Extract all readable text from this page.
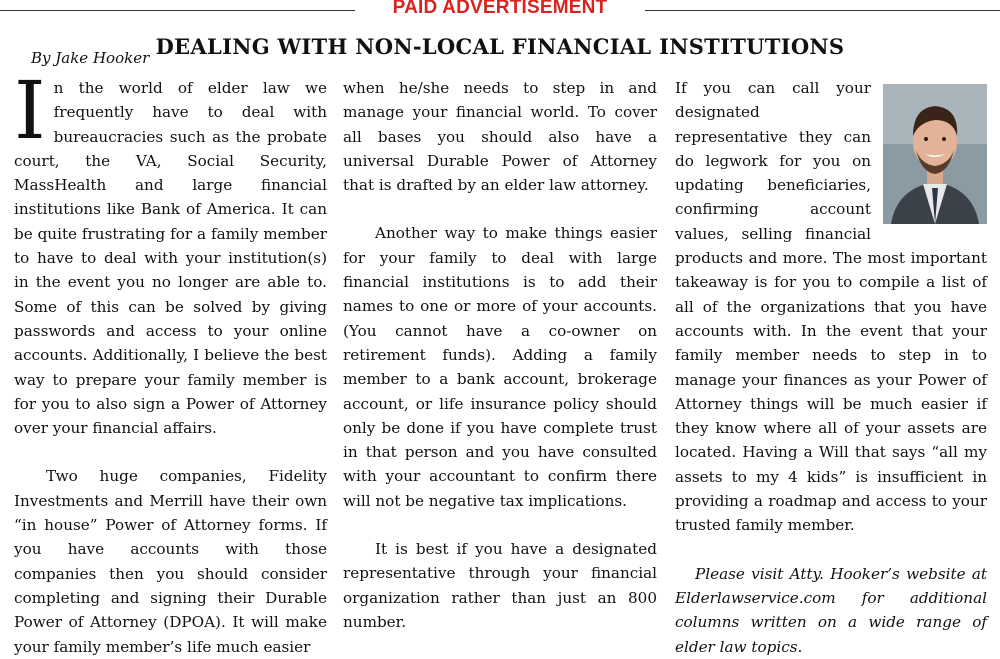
PAID ADVERTISEMENT
DEALING WITH NON-LOCAL FINANCIAL INSTITUTIONS
By Jake Hooker

In the world of elder law we frequently have to deal with bureaucracies such as the probate court, the VA, Social Security, MassHealth and large financial institutions like Bank of America. It can be quite frustrating for a family member to have to deal with your institution(s) in the event you no longer are able to. Some of this can be solved by giving passwords and access to your online accounts. Additionally, I believe the best way to prepare your family member is for you to also sign a Power of Attorney over your financial affairs.

Two huge companies, Fidelity Investments and Merrill have their own “in house” Power of Attorney forms. If you have accounts with those companies then you should consider completing and signing their Durable Power of Attorney (DPOA). It will make your family member’s life much easier

when he/she needs to step in and manage your financial world. To cover all bases you should also have a universal Durable Power of Attorney that is drafted by an elder law attorney.

Another way to make things easier for your family to deal with large financial institutions is to add their names to one or more of your accounts. (You cannot have a co-owner on retirement funds). Adding a family member to a bank account, brokerage account, or life insurance policy should only be done if you have complete trust in that person and you have consulted with your accountant to confirm there will not be negative tax implications.

It is best if you have a designated representative through your financial organization rather than just an 800 number.

If you can call your designated representative they can do legwork for you on updating beneficiaries, confirming account values, selling financial products and more. The most important takeaway is for you to compile a list of all of the organizations that you have accounts with. In the event that your family member needs to step in to manage your finances as your Power of Attorney things will be much easier if they know where all of your assets are located. Having a Will that says “all my assets to my 4 kids” is insufficient in providing a roadmap and access to your trusted family member.

Please visit Atty. Hooker’s website at Elderlawservice.com for additional columns written on a wide range of elder law topics.
